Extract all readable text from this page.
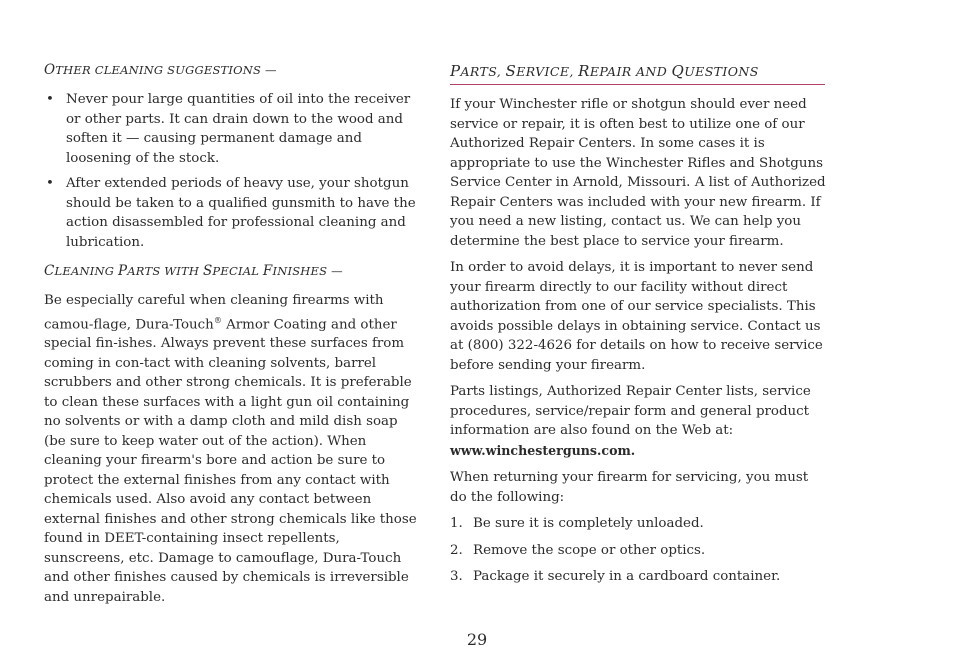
OTHER CLEANING SUGGESTIONS —
• Never pour large quantities of oil into the receiver or other parts. It can drain down to the wood and soften it — causing permanent damage and loosening of the stock.
• After extended periods of heavy use, your shotgun should be taken to a qualified gunsmith to have the action disassembled for professional cleaning and lubrication.
CLEANING PARTS WITH SPECIAL FINISHES —

Be especially careful when cleaning firearms with camou-flage, Dura-Touch® Armor Coating and other special fin-ishes. Always prevent these surfaces from coming in con-tact with cleaning solvents, barrel scrubbers and other strong chemicals. It is preferable to clean these surfaces with a light gun oil containing no solvents or with a damp cloth and mild dish soap (be sure to keep water out of the action). When cleaning your firearm's bore and action be sure to protect the external finishes from any contact with chemicals used. Also avoid any contact between external finishes and other strong chemicals like those found in DEET-containing insect repellents, sunscreens, etc. Damage to camouflage, Dura-Touch and other finishes caused by chemicals is irreversible and unrepairable.

PARTS, SERVICE, REPAIR AND QUESTIONS

If your Winchester rifle or shotgun should ever need service or repair, it is often best to utilize one of our Authorized Repair Centers. In some cases it is appropriate to use the Winchester Rifles and Shotguns Service Center in Arnold, Missouri. A list of Authorized Repair Centers was included with your new firearm. If you need a new listing, contact us. We can help you determine the best place to service your firearm.

In order to avoid delays, it is important to never send your firearm directly to our facility without direct authorization from one of our service specialists. This avoids possible delays in obtaining service. Contact us at (800) 322-4626 for details on how to receive service before sending your firearm.

Parts listings, Authorized Repair Center lists, service procedures, service/repair form and general product information are also found on the Web at:
www.winchesterguns.com.

When returning your firearm for servicing, you must do the following:

1. Be sure it is completely unloaded.
2. Remove the scope or other optics.
3. Package it securely in a cardboard container.
29
